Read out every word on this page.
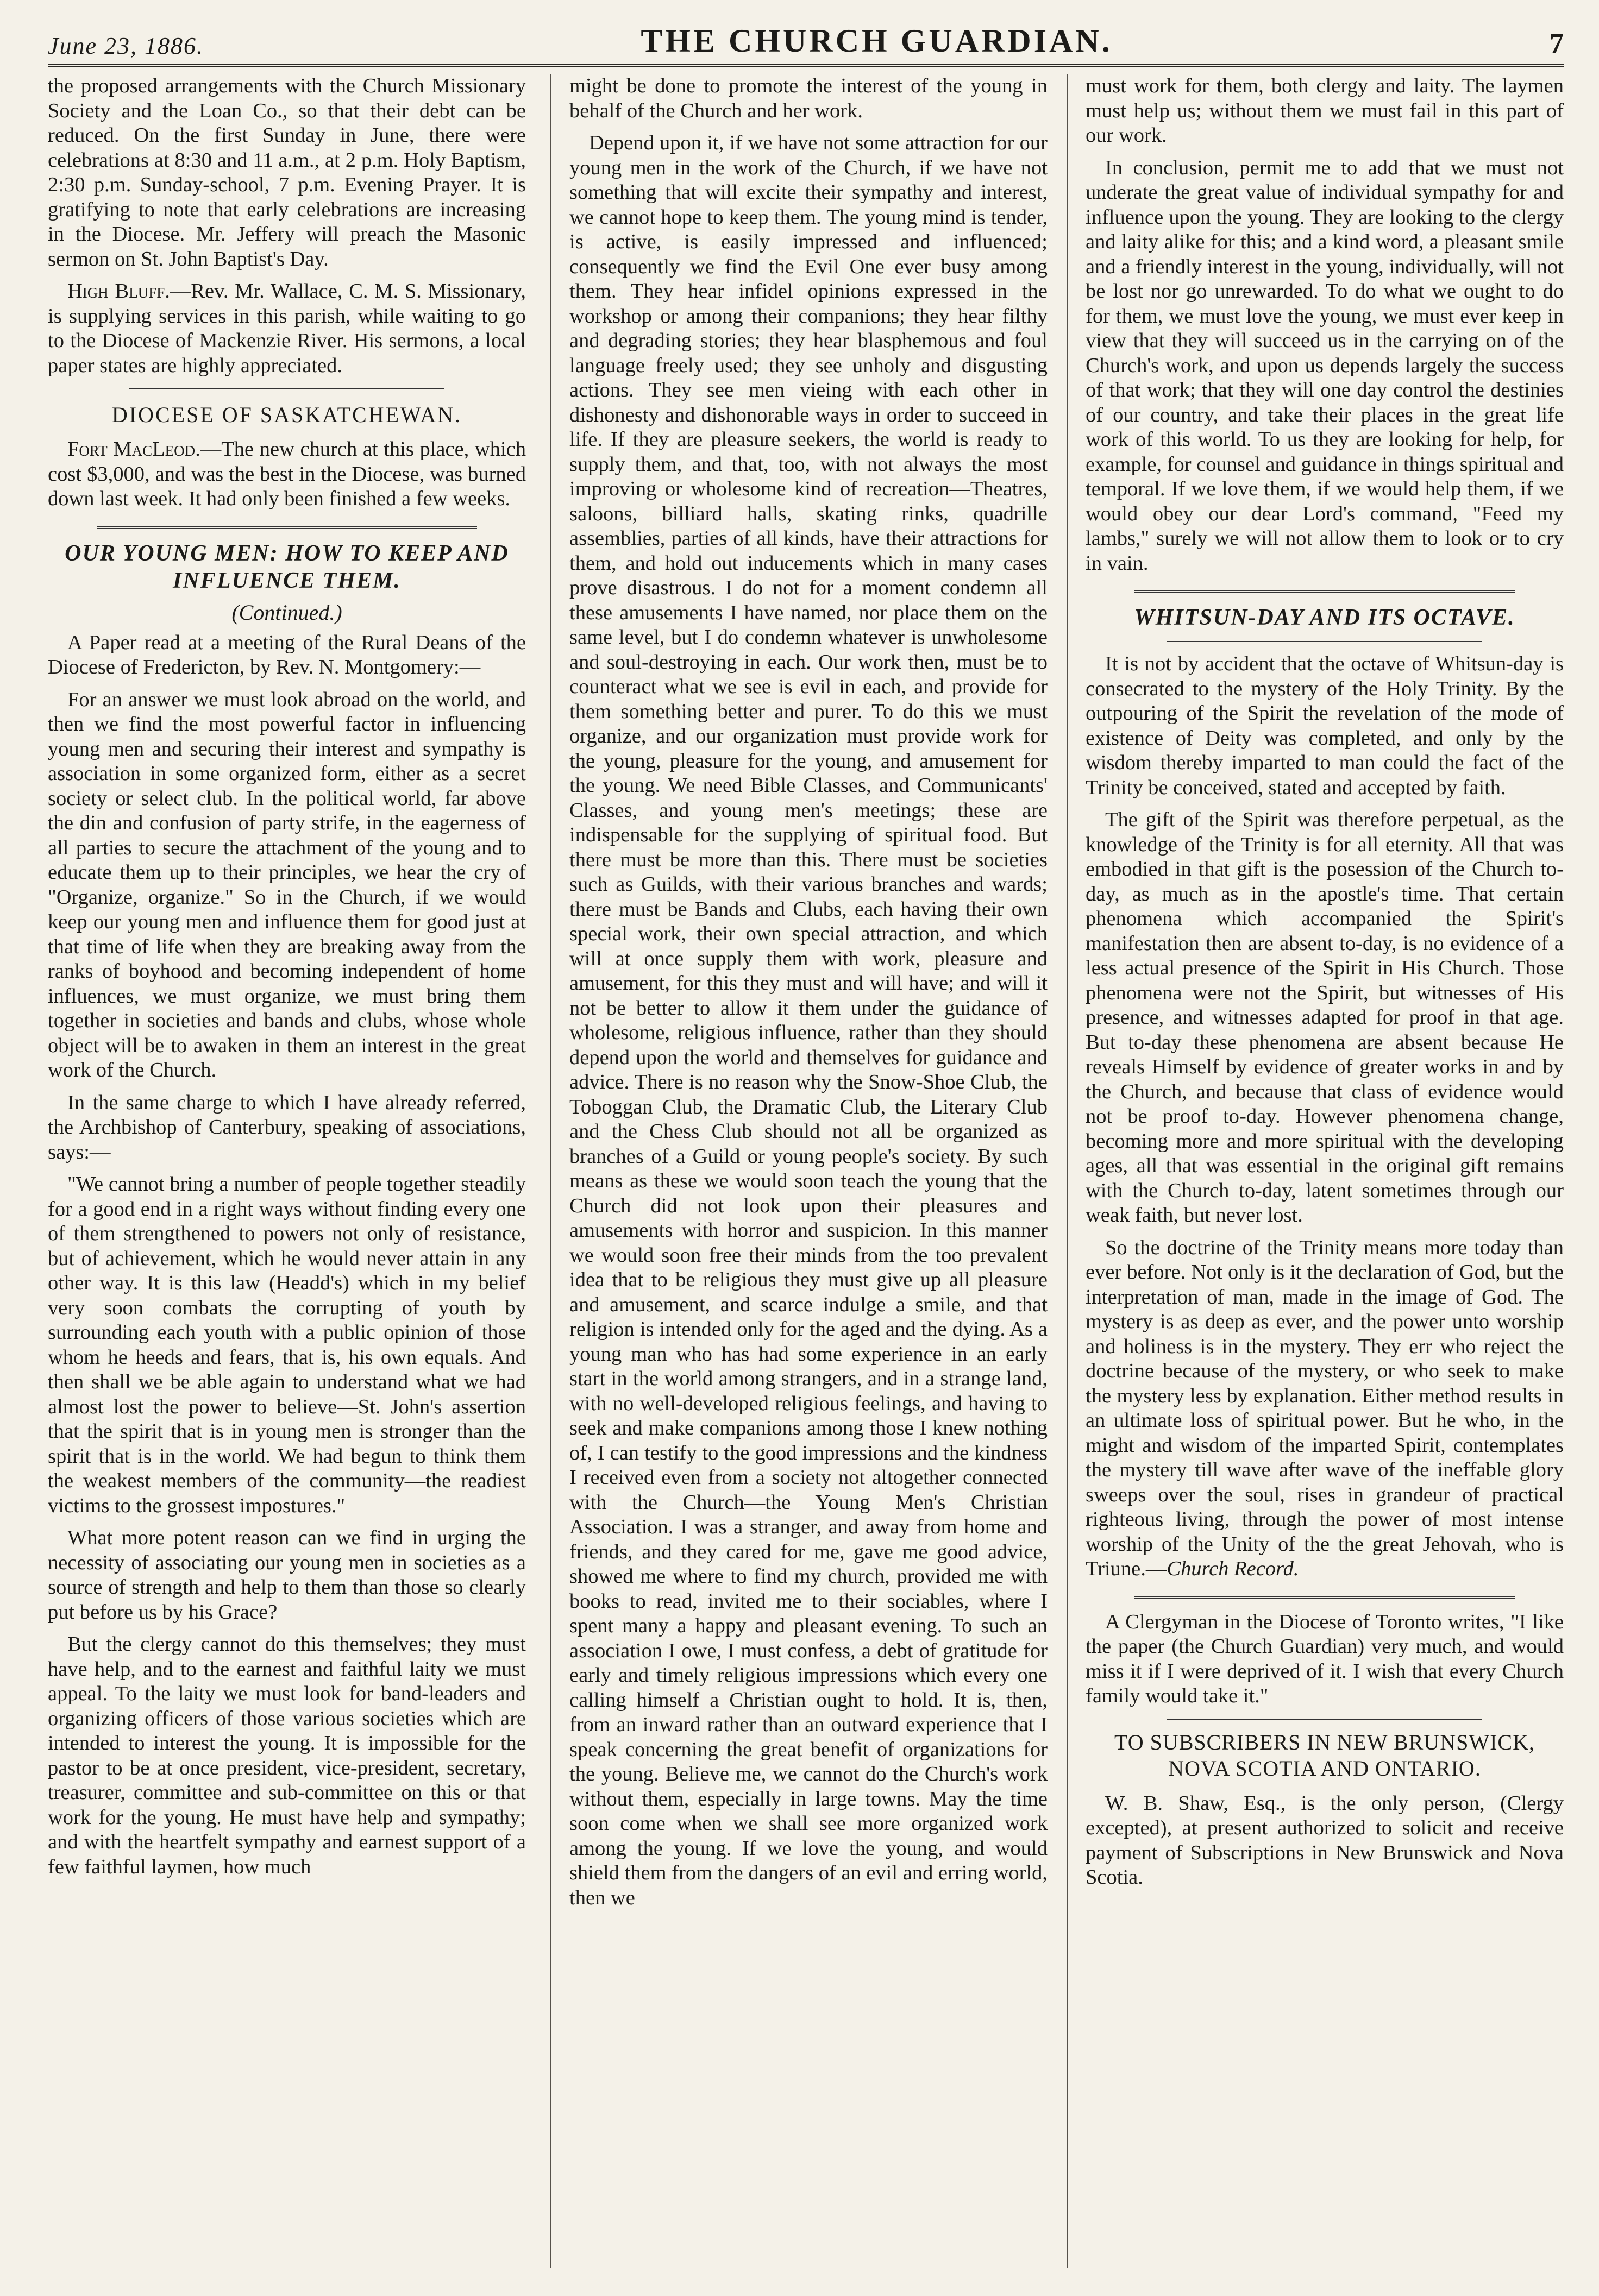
June 23, 1886.	THE CHURCH GUARDIAN.	7

the proposed arrangements with the Church Missionary Society and the Loan Co., so that their debt can be reduced. On the first Sunday in June, there were celebrations at 8:30 and 11 a.m., at 2 p.m. Holy Baptism, 2:30 p.m. Sunday-school, 7 p.m. Evening Prayer. It is gratifying to note that early celebrations are increasing in the Diocese. Mr. Jeffery will preach the Masonic sermon on St. John Baptist's Day.

High Bluff.—Rev. Mr. Wallace, C. M. S. Missionary, is supplying services in this parish, while waiting to go to the Diocese of Mackenzie River. His sermons, a local paper states are highly appreciated.

DIOCESE OF SASKATCHEWAN.

Fort MacLeod.—The new church at this place, which cost $3,000, and was the best in the Diocese, was burned down last week. It had only been finished a few weeks.

OUR YOUNG MEN: HOW TO KEEP AND INFLUENCE THEM.
(Continued.)

A Paper read at a meeting of the Rural Deans of the Diocese of Fredericton, by Rev. N. Montgomery:—

For an answer we must look abroad on the world, and then we find the most powerful factor in influencing young men and securing their interest and sympathy is association in some organized form, either as a secret society or select club. In the political world, far above the din and confusion of party strife, in the eagerness of all parties to secure the attachment of the young and to educate them up to their principles, we hear the cry of "Organize, organize." So in the Church, if we would keep our young men and influence them for good just at that time of life when they are breaking away from the ranks of boyhood and becoming independent of home influences, we must organize, we must bring them together in societies and bands and clubs, whose whole object will be to awaken in them an interest in the great work of the Church.

In the same charge to which I have already referred, the Archbishop of Canterbury, speaking of associations, says:—

"We cannot bring a number of people together steadily for a good end in a right ways without finding every one of them strengthened to powers not only of resistance, but of achievement, which he would never attain in any other way. It is this law (Headd's) which in my belief very soon combats the corrupting of youth by surrounding each youth with a public opinion of those whom he heeds and fears, that is, his own equals. And then shall we be able again to understand what we had almost lost the power to believe—St. John's assertion that the spirit that is in young men is stronger than the spirit that is in the world. We had begun to think them the weakest members of the community—the readiest victims to the grossest impostures."

What more potent reason can we find in urging the necessity of associating our young men in societies as a source of strength and help to them than those so clearly put before us by his Grace?

But the clergy cannot do this themselves; they must have help, and to the earnest and faithful laity we must appeal. To the laity we must look for band-leaders and organizing officers of those various societies which are intended to interest the young. It is impossible for the pastor to be at once president, vice-president, secretary, treasurer, committee and sub-committee on this or that work for the young. He must have help and sympathy; and with the heartfelt sympathy and earnest support of a few faithful laymen, how much

might be done to promote the interest of the young in behalf of the Church and her work.

Depend upon it, if we have not some attraction for our young men in the work of the Church, if we have not something that will excite their sympathy and interest, we cannot hope to keep them. The young mind is tender, is active, is easily impressed and influenced; consequently we find the Evil One ever busy among them. They hear infidel opinions expressed in the workshop or among their companions; they hear filthy and degrading stories; they hear blasphemous and foul language freely used; they see unholy and disgusting actions. They see men vieing with each other in dishonesty and dishonorable ways in order to succeed in life. If they are pleasure seekers, the world is ready to supply them, and that, too, with not always the most improving or wholesome kind of recreation—Theatres, saloons, billiard halls, skating rinks, quadrille assemblies, parties of all kinds, have their attractions for them, and hold out inducements which in many cases prove disastrous. I do not for a moment condemn all these amusements I have named, nor place them on the same level, but I do condemn whatever is unwholesome and soul-destroying in each. Our work then, must be to counteract what we see is evil in each, and provide for them something better and purer. To do this we must organize, and our organization must provide work for the young, pleasure for the young, and amusement for the young. We need Bible Classes, and Communicants' Classes, and young men's meetings; these are indispensable for the supplying of spiritual food. But there must be more than this. There must be societies such as Guilds, with their various branches and wards; there must be Bands and Clubs, each having their own special work, their own special attraction, and which will at once supply them with work, pleasure and amusement, for this they must and will have; and will it not be better to allow it them under the guidance of wholesome, religious influence, rather than they should depend upon the world and themselves for guidance and advice. There is no reason why the Snow-Shoe Club, the Toboggan Club, the Dramatic Club, the Literary Club and the Chess Club should not all be organized as branches of a Guild or young people's society. By such means as these we would soon teach the young that the Church did not look upon their pleasures and amusements with horror and suspicion. In this manner we would soon free their minds from the too prevalent idea that to be religious they must give up all pleasure and amusement, and scarce indulge a smile, and that religion is intended only for the aged and the dying. As a young man who has had some experience in an early start in the world among strangers, and in a strange land, with no well-developed religious feelings, and having to seek and make companions among those I knew nothing of, I can testify to the good impressions and the kindness I received even from a society not altogether connected with the Church—the Young Men's Christian Association. I was a stranger, and away from home and friends, and they cared for me, gave me good advice, showed me where to find my church, provided me with books to read, invited me to their sociables, where I spent many a happy and pleasant evening. To such an association I owe, I must confess, a debt of gratitude for early and timely religious impressions which every one calling himself a Christian ought to hold. It is, then, from an inward rather than an outward experience that I speak concerning the great benefit of organizations for the young. Believe me, we cannot do the Church's work without them, especially in large towns. May the time soon come when we shall see more organized work among the young. If we love the young, and would shield them from the dangers of an evil and erring world, then we

must work for them, both clergy and laity. The laymen must help us; without them we must fail in this part of our work.

In conclusion, permit me to add that we must not underate the great value of individual sympathy for and influence upon the young. They are looking to the clergy and laity alike for this; and a kind word, a pleasant smile and a friendly interest in the young, individually, will not be lost nor go unrewarded. To do what we ought to do for them, we must love the young, we must ever keep in view that they will succeed us in the carrying on of the Church's work, and upon us depends largely the success of that work; that they will one day control the destinies of our country, and take their places in the great life work of this world. To us they are looking for help, for example, for counsel and guidance in things spiritual and temporal. If we love them, if we would help them, if we would obey our dear Lord's command, "Feed my lambs," surely we will not allow them to look or to cry in vain.

WHITSUN-DAY AND ITS OCTAVE.

It is not by accident that the octave of Whitsun-day is consecrated to the mystery of the Holy Trinity. By the outpouring of the Spirit the revelation of the mode of existence of Deity was completed, and only by the wisdom thereby imparted to man could the fact of the Trinity be conceived, stated and accepted by faith.

The gift of the Spirit was therefore perpetual, as the knowledge of the Trinity is for all eternity. All that was embodied in that gift is the posession of the Church to-day, as much as in the apostle's time. That certain phenomena which accompanied the Spirit's manifestation then are absent to-day, is no evidence of a less actual presence of the Spirit in His Church. Those phenomena were not the Spirit, but witnesses of His presence, and witnesses adapted for proof in that age. But to-day these phenomena are absent because He reveals Himself by evidence of greater works in and by the Church, and because that class of evidence would not be proof to-day. However phenomena change, becoming more and more spiritual with the developing ages, all that was essential in the original gift remains with the Church to-day, latent sometimes through our weak faith, but never lost.

So the doctrine of the Trinity means more today than ever before. Not only is it the declaration of God, but the interpretation of man, made in the image of God. The mystery is as deep as ever, and the power unto worship and holiness is in the mystery. They err who reject the doctrine because of the mystery, or who seek to make the mystery less by explanation. Either method results in an ultimate loss of spiritual power. But he who, in the might and wisdom of the imparted Spirit, contemplates the mystery till wave after wave of the ineffable glory sweeps over the soul, rises in grandeur of practical righteous living, through the power of most intense worship of the Unity of the the great Jehovah, who is Triune.—Church Record.

A Clergyman in the Diocese of Toronto writes, "I like the paper (the Church Guardian) very much, and would miss it if I were deprived of it. I wish that every Church family would take it."

TO SUBSCRIBERS IN NEW BRUNSWICK, NOVA SCOTIA AND ONTARIO.

W. B. Shaw, Esq., is the only person, (Clergy excepted), at present authorized to solicit and receive payment of Subscriptions in New Brunswick and Nova Scotia.
